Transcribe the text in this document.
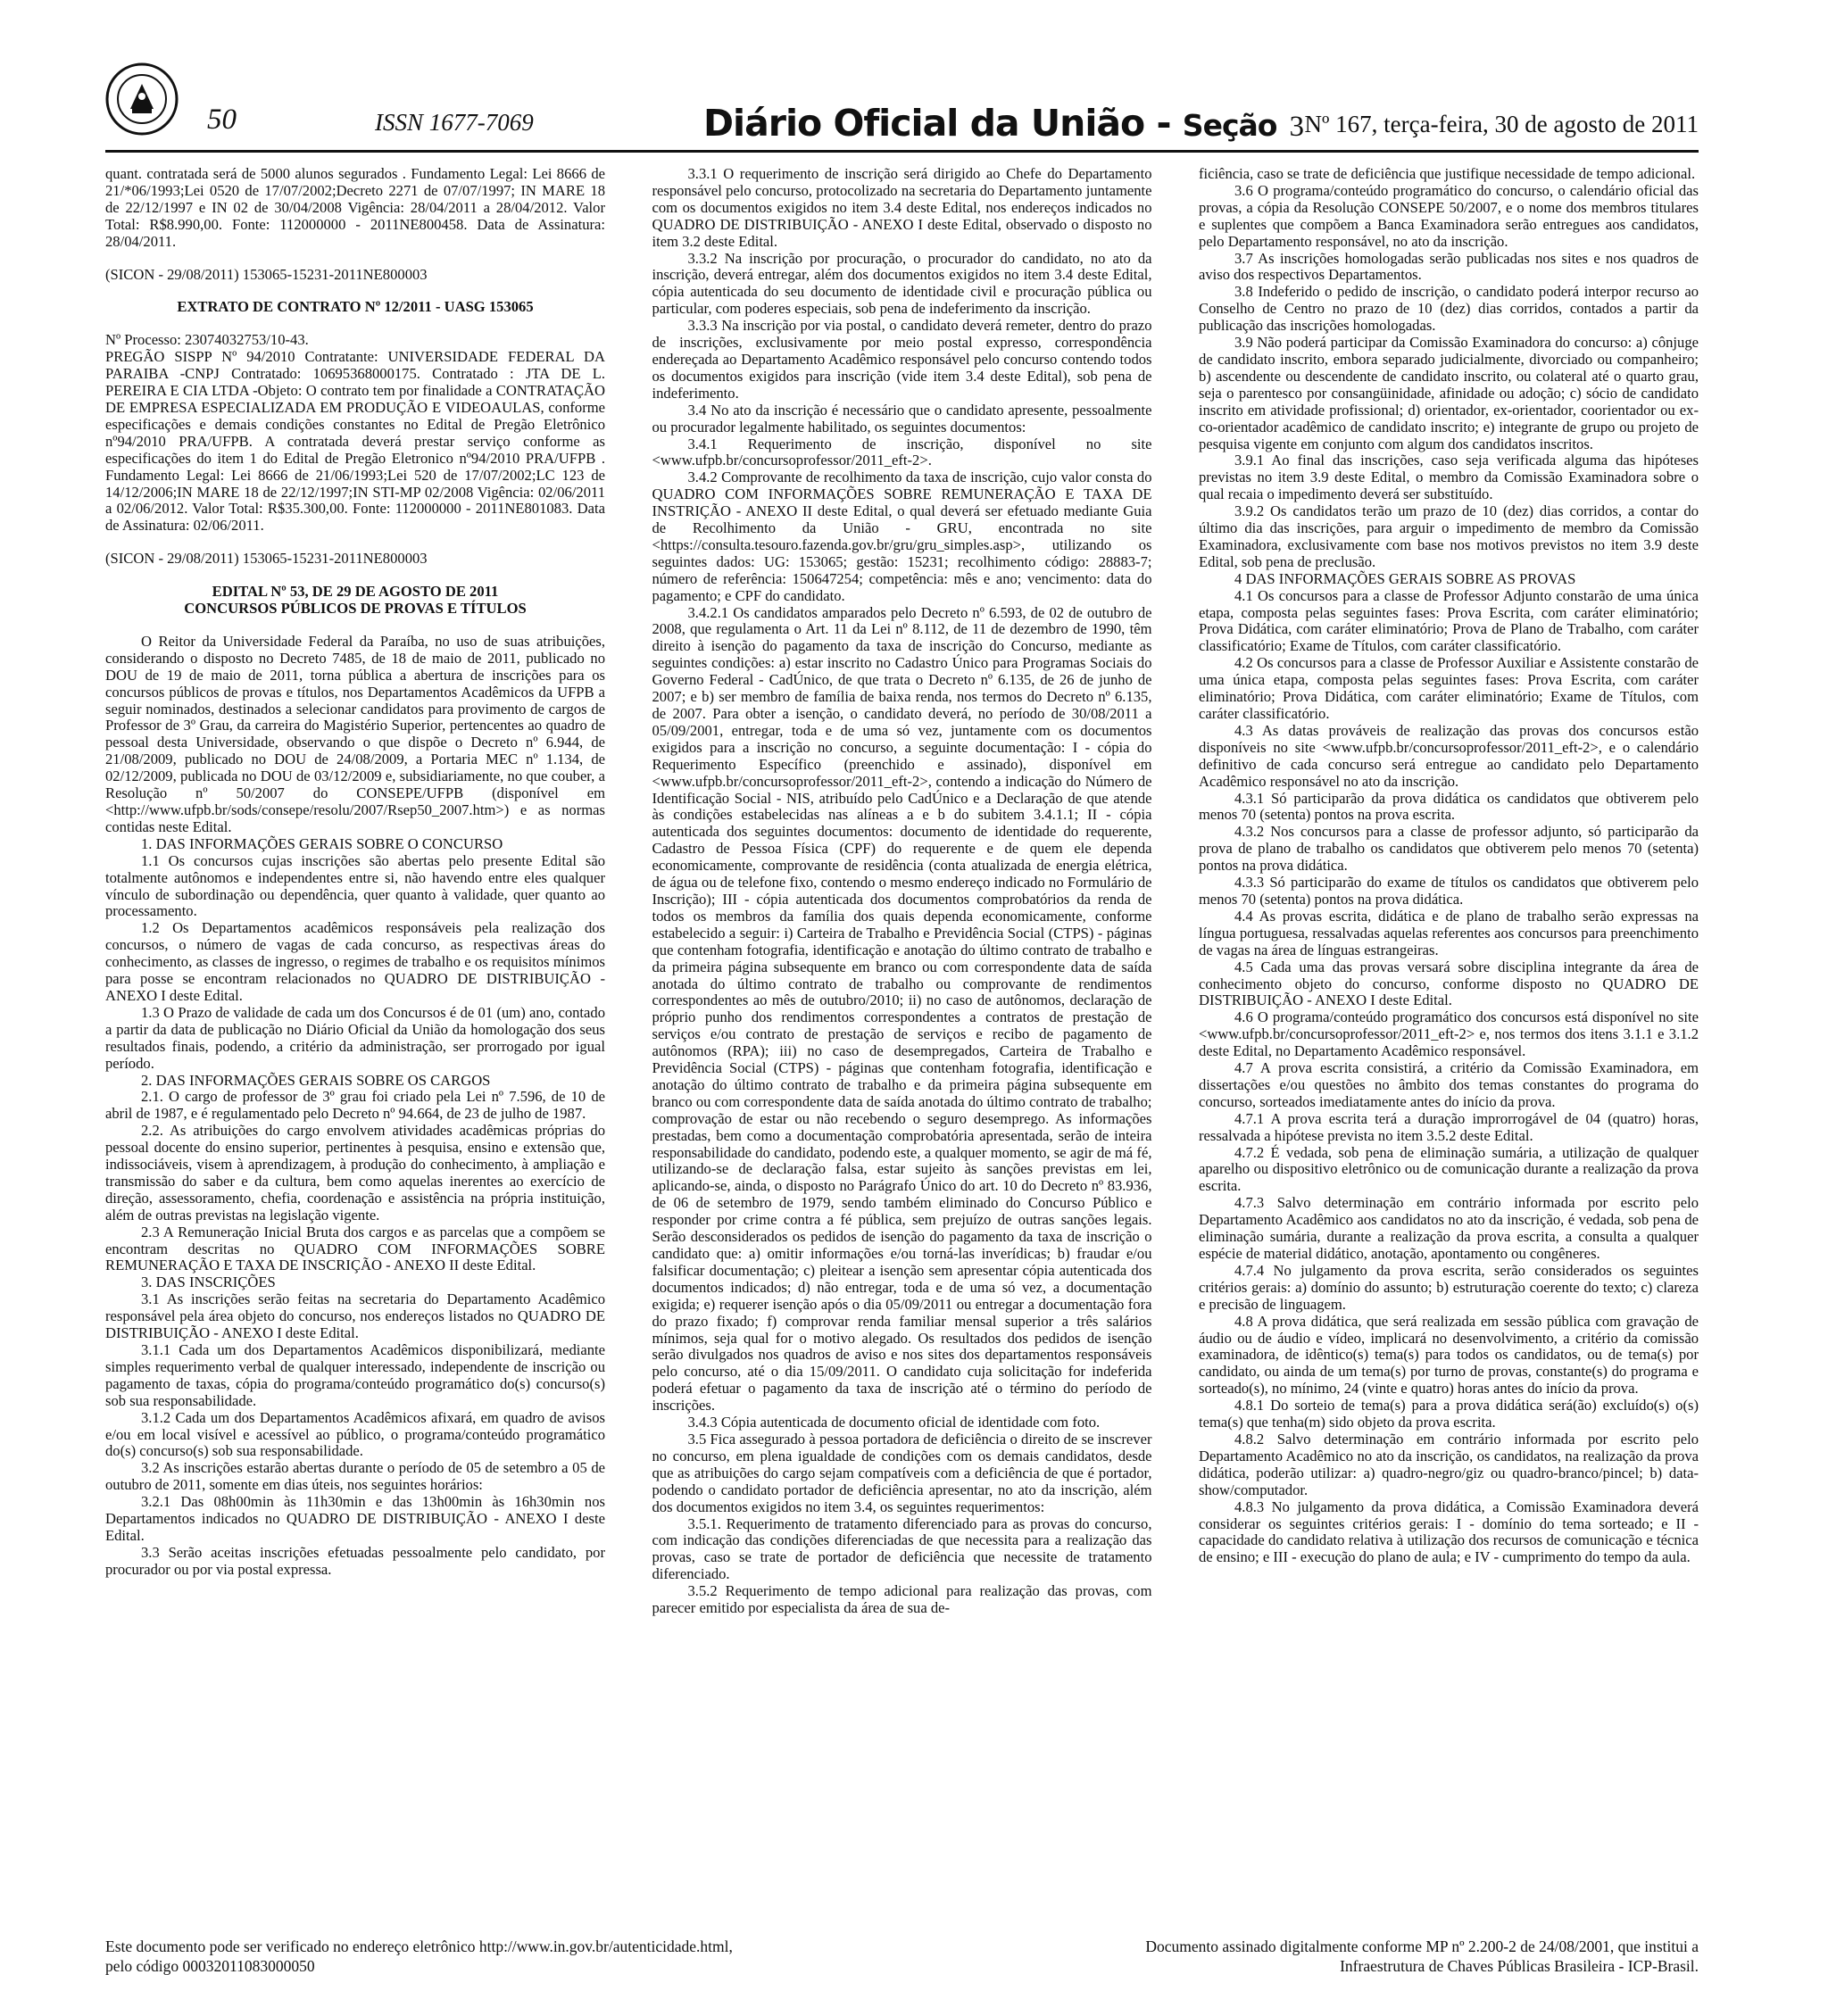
50	ISSN 1677-7069	Diário Oficial da União - Seção 3 Nº 167, terça-feira, 30 de agosto de 2011

quant. contratada será de 5000 alunos segurados . Fundamento Legal: Lei 8666 de 21/*06/1993;Lei 0520 de 17/07/2002;Decreto 2271 de 07/07/1997; IN MARE 18 de 22/12/1997 e IN 02 de 30/04/2008 Vigência: 28/04/2011 a 28/04/2012. Valor Total: R$8.990,00. Fonte: 112000000 - 2011NE800458. Data de Assinatura: 28/04/2011.

(SICON - 29/08/2011) 153065-15231-2011NE800003

EXTRATO DE CONTRATO Nº 12/2011 - UASG 153065

Nº Processo: 23074032753/10-43.

PREGÃO SISPP Nº 94/2010 Contratante: UNIVERSIDADE FEDERAL DA PARAIBA -CNPJ Contratado: 10695368000175. Contratado : JTA DE L. PEREIRA E CIA LTDA -Objeto: O contrato tem por finalidade a CONTRATAÇÃO DE EMPRESA ESPECIALIZADA EM PRODUÇÃO E VIDEOAULAS, conforme especificações e demais condições constantes no Edital de Pregão Eletrônico nº94/2010 PRA/UFPB. A contratada deverá prestar serviço conforme as especificações do item 1 do Edital de Pregão Eletronico nº94/2010 PRA/UFPB . Fundamento Legal: Lei 8666 de 21/06/1993;Lei 520 de 17/07/2002;LC 123 de 14/12/2006;IN MARE 18 de 22/12/1997;IN STI-MP 02/2008 Vigência: 02/06/2011 a 02/06/2012. Valor Total: R$35.300,00. Fonte: 112000000 - 2011NE801083. Data de Assinatura: 02/06/2011.

(SICON - 29/08/2011) 153065-15231-2011NE800003

EDITAL Nº 53, DE 29 DE AGOSTO DE 2011

CONCURSOS PÚBLICOS DE PROVAS E TÍTULOS

O Reitor da Universidade Federal da Paraíba, no uso de suas atribuições, considerando o disposto no Decreto 7485, de 18 de maio de 2011, publicado no DOU de 19 de maio de 2011, torna pública a abertura de inscrições para os concursos públicos de provas e títulos, nos Departamentos Acadêmicos da UFPB a seguir nominados, destinados a selecionar candidatos para provimento de cargos de Professor de 3º Grau, da carreira do Magistério Superior, pertencentes ao quadro de pessoal desta Universidade, observando o que dispõe o Decreto nº 6.944, de 21/08/2009, publicado no DOU de 24/08/2009, a Portaria MEC nº 1.134, de 02/12/2009, publicada no DOU de 03/12/2009 e, subsidiariamente, no que couber, a Resolução nº 50/2007 do CONSEPE/UFPB (disponível em <http://www.ufpb.br/sods/consepe/resolu/2007/Rsep50_2007.htm>) e as normas contidas neste Edital.

1. DAS INFORMAÇÕES GERAIS SOBRE O CONCURSO

1.1 Os concursos cujas inscrições são abertas pelo presente Edital são totalmente autônomos e independentes entre si, não havendo entre eles qualquer vínculo de subordinação ou dependência, quer quanto à validade, quer quanto ao processamento.

1.2 Os Departamentos acadêmicos responsáveis pela realização dos concursos, o número de vagas de cada concurso, as respectivas áreas do conhecimento, as classes de ingresso, o regimes de trabalho e os requisitos mínimos para posse se encontram relacionados no QUADRO DE DISTRIBUIÇÃO - ANEXO I deste Edital.

1.3 O Prazo de validade de cada um dos Concursos é de 01 (um) ano, contado a partir da data de publicação no Diário Oficial da União da homologação dos seus resultados finais, podendo, a critério da administração, ser prorrogado por igual período.

2. DAS INFORMAÇÕES GERAIS SOBRE OS CARGOS

2.1. O cargo de professor de 3º grau foi criado pela Lei nº 7.596, de 10 de abril de 1987, e é regulamentado pelo Decreto nº 94.664, de 23 de julho de 1987.

2.2. As atribuições do cargo envolvem atividades acadêmicas próprias do pessoal docente do ensino superior, pertinentes à pesquisa, ensino e extensão que, indissociáveis, visem à aprendizagem, à produção do conhecimento, à ampliação e transmissão do saber e da cultura, bem como aquelas inerentes ao exercício de direção, assessoramento, chefia, coordenação e assistência na própria instituição, além de outras previstas na legislação vigente.

2.3 A Remuneração Inicial Bruta dos cargos e as parcelas que a compõem se encontram descritas no QUADRO COM INFORMAÇÕES SOBRE REMUNERAÇÃO E TAXA DE INSCRIÇÃO - ANEXO II deste Edital.

3. DAS INSCRIÇÕES

3.1 As inscrições serão feitas na secretaria do Departamento Acadêmico responsável pela área objeto do concurso, nos endereços listados no QUADRO DE DISTRIBUIÇÃO - ANEXO I deste Edital.

3.1.1 Cada um dos Departamentos Acadêmicos disponibilizará, mediante simples requerimento verbal de qualquer interessado, independente de inscrição ou pagamento de taxas, cópia do programa/conteúdo programático do(s) concurso(s) sob sua responsabilidade.

3.1.2 Cada um dos Departamentos Acadêmicos afixará, em quadro de avisos e/ou em local visível e acessível ao público, o programa/conteúdo programático do(s) concurso(s) sob sua responsabilidade.

3.2 As inscrições estarão abertas durante o período de 05 de setembro a 05 de outubro de 2011, somente em dias úteis, nos seguintes horários:

3.2.1 Das 08h00min às 11h30min e das 13h00min às 16h30min nos Departamentos indicados no QUADRO DE DISTRIBUIÇÃO - ANEXO I deste Edital.

3.3 Serão aceitas inscrições efetuadas pessoalmente pelo candidato, por procurador ou por via postal expressa.

3.3.1 O requerimento de inscrição será dirigido ao Chefe do Departamento responsável pelo concurso, protocolizado na secretaria do Departamento juntamente com os documentos exigidos no item 3.4 deste Edital, nos endereços indicados no QUADRO DE DISTRIBUIÇÃO - ANEXO I deste Edital, observado o disposto no item 3.2 deste Edital.

3.3.2 Na inscrição por procuração, o procurador do candidato, no ato da inscrição, deverá entregar, além dos documentos exigidos no item 3.4 deste Edital, cópia autenticada do seu documento de identidade civil e procuração pública ou particular, com poderes especiais, sob pena de indeferimento da inscrição.

3.3.3 Na inscrição por via postal, o candidato deverá remeter, dentro do prazo de inscrições, exclusivamente por meio postal expresso, correspondência endereçada ao Departamento Acadêmico responsável pelo concurso contendo todos os documentos exigidos para inscrição (vide item 3.4 deste Edital), sob pena de indeferimento.

3.4 No ato da inscrição é necessário que o candidato apresente, pessoalmente ou procurador legalmente habilitado, os seguintes documentos:

3.4.1 Requerimento de inscrição, disponível no site <www.ufpb.br/concursoprofessor/2011_eft-2>.

3.4.2 Comprovante de recolhimento da taxa de inscrição, cujo valor consta do QUADRO COM INFORMAÇÕES SOBRE REMUNERAÇÃO E TAXA DE INSTRIÇÃO - ANEXO II deste Edital, o qual deverá ser efetuado mediante Guia de Recolhimento da União - GRU, encontrada no site <https://consulta.tesouro.fazenda.gov.br/gru/gru_simples.asp>, utilizando os seguintes dados: UG: 153065; gestão: 15231; recolhimento código: 28883-7; número de referência: 150647254; competência: mês e ano; vencimento: data do pagamento; e CPF do candidato.

3.4.2.1 Os candidatos amparados pelo Decreto nº 6.593, de 02 de outubro de 2008, que regulamenta o Art. 11 da Lei nº 8.112, de 11 de dezembro de 1990, têm direito à isenção do pagamento da taxa de inscrição do Concurso, mediante as seguintes condições: a) estar inscrito no Cadastro Único para Programas Sociais do Governo Federal - CadÚnico, de que trata o Decreto nº 6.135, de 26 de junho de 2007; e b) ser membro de família de baixa renda, nos termos do Decreto nº 6.135, de 2007. Para obter a isenção, o candidato deverá, no período de 30/08/2011 a 05/09/2001, entregar, toda e de uma só vez, juntamente com os documentos exigidos para a inscrição no concurso, a seguinte documentação: I - cópia do Requerimento Específico (preenchido e assinado), disponível em <www.ufpb.br/concursoprofessor/2011_eft-2>, contendo a indicação do Número de Identificação Social - NIS, atribuído pelo CadÚnico e a Declaração de que atende às condições estabelecidas nas alíneas a e b do subitem 3.4.1.1; II - cópia autenticada dos seguintes documentos: documento de identidade do requerente, Cadastro de Pessoa Física (CPF) do requerente e de quem ele dependa economicamente, comprovante de residência (conta atualizada de energia elétrica, de água ou de telefone fixo, contendo o mesmo endereço indicado no Formulário de Inscrição); III - cópia autenticada dos documentos comprobatórios da renda de todos os membros da família dos quais dependa economicamente, conforme estabelecido a seguir: i) Carteira de Trabalho e Previdência Social (CTPS) - páginas que contenham fotografia, identificação e anotação do último contrato de trabalho e da primeira página subsequente em branco ou com correspondente data de saída anotada do último contrato de trabalho ou comprovante de rendimentos correspondentes ao mês de outubro/2010; ii) no caso de autônomos, declaração de próprio punho dos rendimentos correspondentes a contratos de prestação de serviços e/ou contrato de prestação de serviços e recibo de pagamento de autônomos (RPA); iii) no caso de desempregados, Carteira de Trabalho e Previdência Social (CTPS) - páginas que contenham fotografia, identificação e anotação do último contrato de trabalho e da primeira página subsequente em branco ou com correspondente data de saída anotada do último contrato de trabalho; comprovação de estar ou não recebendo o seguro desemprego. As informações prestadas, bem como a documentação comprobatória apresentada, serão de inteira responsabilidade do candidato, podendo este, a qualquer momento, se agir de má fé, utilizando-se de declaração falsa, estar sujeito às sanções previstas em lei, aplicando-se, ainda, o disposto no Parágrafo Único do art. 10 do Decreto nº 83.936, de 06 de setembro de 1979, sendo também eliminado do Concurso Público e responder por crime contra a fé pública, sem prejuízo de outras sanções legais. Serão desconsiderados os pedidos de isenção do pagamento da taxa de inscrição o candidato que: a) omitir informações e/ou torná-las inverídicas; b) fraudar e/ou falsificar documentação; c) pleitear a isenção sem apresentar cópia autenticada dos documentos indicados; d) não entregar, toda e de uma só vez, a documentação exigida; e) requerer isenção após o dia 05/09/2011 ou entregar a documentação fora do prazo fixado; f) comprovar renda familiar mensal superior a três salários mínimos, seja qual for o motivo alegado. Os resultados dos pedidos de isenção serão divulgados nos quadros de aviso e nos sites dos departamentos responsáveis pelo concurso, até o dia 15/09/2011. O candidato cuja solicitação for indeferida poderá efetuar o pagamento da taxa de inscrição até o término do período de inscrições.

3.4.3 Cópia autenticada de documento oficial de identidade com foto.

3.5 Fica assegurado à pessoa portadora de deficiência o direito de se inscrever no concurso, em plena igualdade de condições com os demais candidatos, desde que as atribuições do cargo sejam compatíveis com a deficiência de que é portador, podendo o candidato portador de deficiência apresentar, no ato da inscrição, além dos documentos exigidos no item 3.4, os seguintes requerimentos:

3.5.1. Requerimento de tratamento diferenciado para as provas do concurso, com indicação das condições diferenciadas de que necessita para a realização das provas, caso se trate de portador de deficiência que necessite de tratamento diferenciado.

3.5.2 Requerimento de tempo adicional para realização das provas, com parecer emitido por especialista da área de sua de-

ficiência, caso se trate de deficiência que justifique necessidade de tempo adicional.

3.6 O programa/conteúdo programático do concurso, o calendário oficial das provas, a cópia da Resolução CONSEPE 50/2007, e o nome dos membros titulares e suplentes que compõem a Banca Examinadora serão entregues aos candidatos, pelo Departamento responsável, no ato da inscrição.

3.7 As inscrições homologadas serão publicadas nos sites e nos quadros de aviso dos respectivos Departamentos.

3.8 Indeferido o pedido de inscrição, o candidato poderá interpor recurso ao Conselho de Centro no prazo de 10 (dez) dias corridos, contados a partir da publicação das inscrições homologadas.

3.9 Não poderá participar da Comissão Examinadora do concurso: a) cônjuge de candidato inscrito, embora separado judicialmente, divorciado ou companheiro; b) ascendente ou descendente de candidato inscrito, ou colateral até o quarto grau, seja o parentesco por consangüinidade, afinidade ou adoção; c) sócio de candidato inscrito em atividade profissional; d) orientador, ex-orientador, coorientador ou ex-co-orientador acadêmico de candidato inscrito; e) integrante de grupo ou projeto de pesquisa vigente em conjunto com algum dos candidatos inscritos.

3.9.1 Ao final das inscrições, caso seja verificada alguma das hipóteses previstas no item 3.9 deste Edital, o membro da Comissão Examinadora sobre o qual recaia o impedimento deverá ser substituído.

3.9.2 Os candidatos terão um prazo de 10 (dez) dias corridos, a contar do último dia das inscrições, para arguir o impedimento de membro da Comissão Examinadora, exclusivamente com base nos motivos previstos no item 3.9 deste Edital, sob pena de preclusão.

4 DAS INFORMAÇÕES GERAIS SOBRE AS PROVAS

4.1 Os concursos para a classe de Professor Adjunto constarão de uma única etapa, composta pelas seguintes fases: Prova Escrita, com caráter eliminatório; Prova Didática, com caráter eliminatório; Prova de Plano de Trabalho, com caráter classificatório; Exame de Títulos, com caráter classificatório.

4.2 Os concursos para a classe de Professor Auxiliar e Assistente constarão de uma única etapa, composta pelas seguintes fases: Prova Escrita, com caráter eliminatório; Prova Didática, com caráter eliminatório; Exame de Títulos, com caráter classificatório.

4.3 As datas prováveis de realização das provas dos concursos estão disponíveis no site <www.ufpb.br/concursoprofessor/2011_eft-2>, e o calendário definitivo de cada concurso será entregue ao candidato pelo Departamento Acadêmico responsável no ato da inscrição.

4.3.1 Só participarão da prova didática os candidatos que obtiverem pelo menos 70 (setenta) pontos na prova escrita.

4.3.2 Nos concursos para a classe de professor adjunto, só participarão da prova de plano de trabalho os candidatos que obtiverem pelo menos 70 (setenta) pontos na prova didática.

4.3.3 Só participarão do exame de títulos os candidatos que obtiverem pelo menos 70 (setenta) pontos na prova didática.

4.4 As provas escrita, didática e de plano de trabalho serão expressas na língua portuguesa, ressalvadas aquelas referentes aos concursos para preenchimento de vagas na área de línguas estrangeiras.

4.5 Cada uma das provas versará sobre disciplina integrante da área de conhecimento objeto do concurso, conforme disposto no QUADRO DE DISTRIBUIÇÃO - ANEXO I deste Edital.

4.6 O programa/conteúdo programático dos concursos está disponível no site <www.ufpb.br/concursoprofessor/2011_eft-2> e, nos termos dos itens 3.1.1 e 3.1.2 deste Edital, no Departamento Acadêmico responsável.

4.7 A prova escrita consistirá, a critério da Comissão Examinadora, em dissertações e/ou questões no âmbito dos temas constantes do programa do concurso, sorteados imediatamente antes do início da prova.

4.7.1 A prova escrita terá a duração improrrogável de 04 (quatro) horas, ressalvada a hipótese prevista no item 3.5.2 deste Edital.

4.7.2 É vedada, sob pena de eliminação sumária, a utilização de qualquer aparelho ou dispositivo eletrônico ou de comunicação durante a realização da prova escrita.

4.7.3 Salvo determinação em contrário informada por escrito pelo Departamento Acadêmico aos candidatos no ato da inscrição, é vedada, sob pena de eliminação sumária, durante a realização da prova escrita, a consulta a qualquer espécie de material didático, anotação, apontamento ou congêneres.

4.7.4 No julgamento da prova escrita, serão considerados os seguintes critérios gerais: a) domínio do assunto; b) estruturação coerente do texto; c) clareza e precisão de linguagem.

4.8 A prova didática, que será realizada em sessão pública com gravação de áudio ou de áudio e vídeo, implicará no desenvolvimento, a critério da comissão examinadora, de idêntico(s) tema(s) para todos os candidatos, ou de tema(s) por candidato, ou ainda de um tema(s) por turno de provas, constante(s) do programa e sorteado(s), no mínimo, 24 (vinte e quatro) horas antes do início da prova.

4.8.1 Do sorteio de tema(s) para a prova didática será(ão) excluído(s) o(s) tema(s) que tenha(m) sido objeto da prova escrita.

4.8.2 Salvo determinação em contrário informada por escrito pelo Departamento Acadêmico no ato da inscrição, os candidatos, na realização da prova didática, poderão utilizar: a) quadro-negro/giz ou quadro-branco/pincel; b) data-show/computador.

4.8.3 No julgamento da prova didática, a Comissão Examinadora deverá considerar os seguintes critérios gerais: I - domínio do tema sorteado; e II - capacidade do candidato relativa à utilização dos recursos de comunicação e técnica de ensino; e III - execução do plano de aula; e IV - cumprimento do tempo da aula.

Este documento pode ser verificado no endereço eletrônico http://www.in.gov.br/autenticidade.html,
pelo código 00032011083000050
Documento assinado digitalmente conforme MP nº 2.200-2 de 24/08/2001, que institui a
Infraestrutura de Chaves Públicas Brasileira - ICP-Brasil.
